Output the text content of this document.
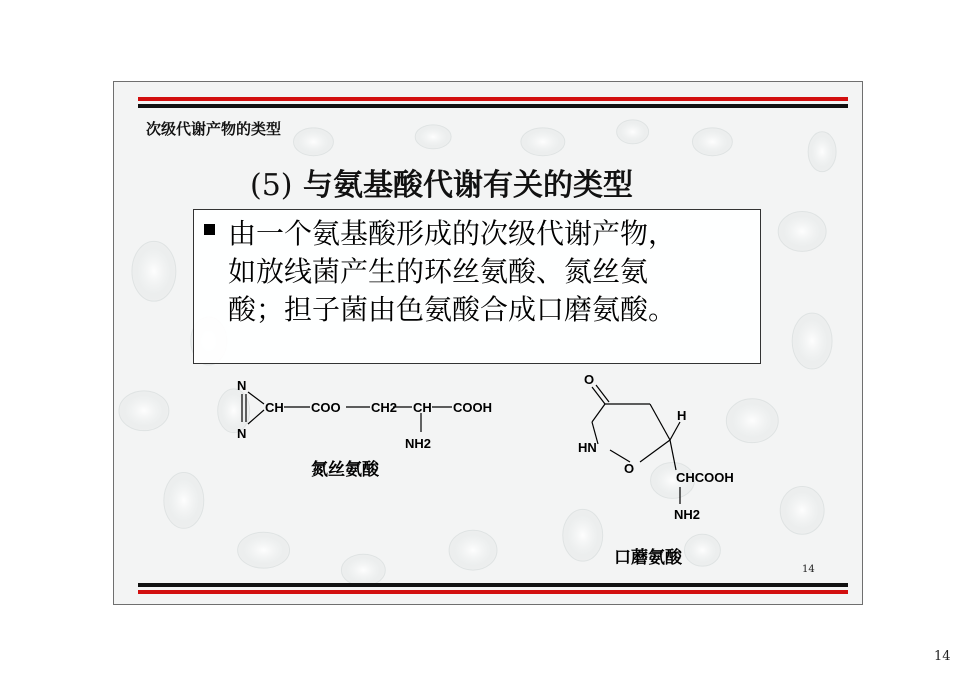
次级代谢产物的类型
(5) 与氨基酸代谢有关的类型
由一个氨基酸形成的次级代谢产物，
如放线菌产生的环丝氨酸、氮丝氨
酸；担子菌由色氨酸合成口磨氨酸。
N
N
CH COO CH2 CH COOH
NH2
O
H
HN
O
CHCOOH
NH2
氮丝氨酸
口蘑氨酸
14
14
